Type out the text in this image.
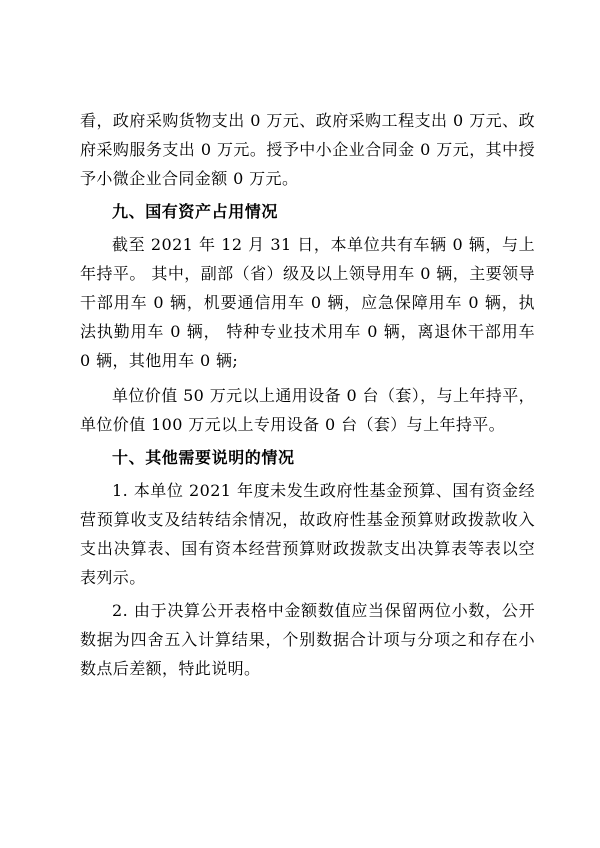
看，政府采购货物支出 0 万元、政府采购工程支出 0 万元、政府采购服务支出 0 万元。授予中小企业合同金 0 万元，其中授予小微企业合同金额 0 万元。

九、国有资产占用情况

截至 2021 年 12 月 31 日，本单位共有车辆 0 辆，与上年持平。 其中，副部（省）级及以上领导用车 0 辆，主要领导干部用车 0 辆，机要通信用车 0 辆，应急保障用车 0 辆，执法执勤用车 0 辆， 特种专业技术用车 0 辆，离退休干部用车 0 辆，其他用车 0 辆;

单位价值 50 万元以上通用设备 0 台（套），与上年持平，单位价值 100 万元以上专用设备 0 台（套）与上年持平。

十、其他需要说明的情况

1. 本单位 2021 年度未发生政府性基金预算、国有资金经营预算收支及结转结余情况，故政府性基金预算财政拨款收入支出决算表、国有资本经营预算财政拨款支出决算表等表以空表列示。

2. 由于决算公开表格中金额数值应当保留两位小数，公开数据为四舍五入计算结果，个别数据合计项与分项之和存在小数点后差额，特此说明。
